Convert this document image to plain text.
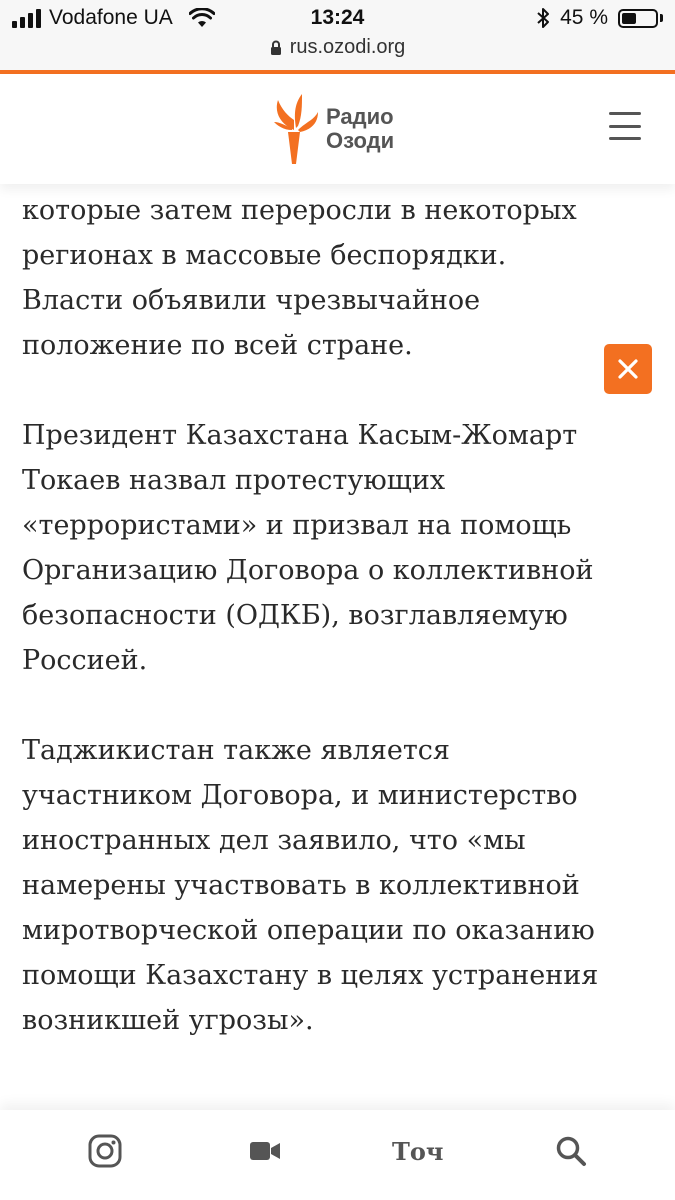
Vodafone UA	13:24	45 %
rus.ozodi.org
Радио
Озоди

которые затем переросли в некоторых регионах в массовые беспорядки. Власти объявили чрезвычайное положение по всей стране.

Президент Казахстана Касым-Жомарт Токаев назвал протестующих «террористами» и призвал на помощь Организацию Договора о коллективной безопасности (ОДКБ), возглавляемую Россией.

Таджикистан также является участником Договора, и министерство иностранных дел заявило, что «мы намерены участвовать в коллективной миротворческой операции по оказанию помощи Казахстану в целях устранения возникшей угрозы».

Точ
